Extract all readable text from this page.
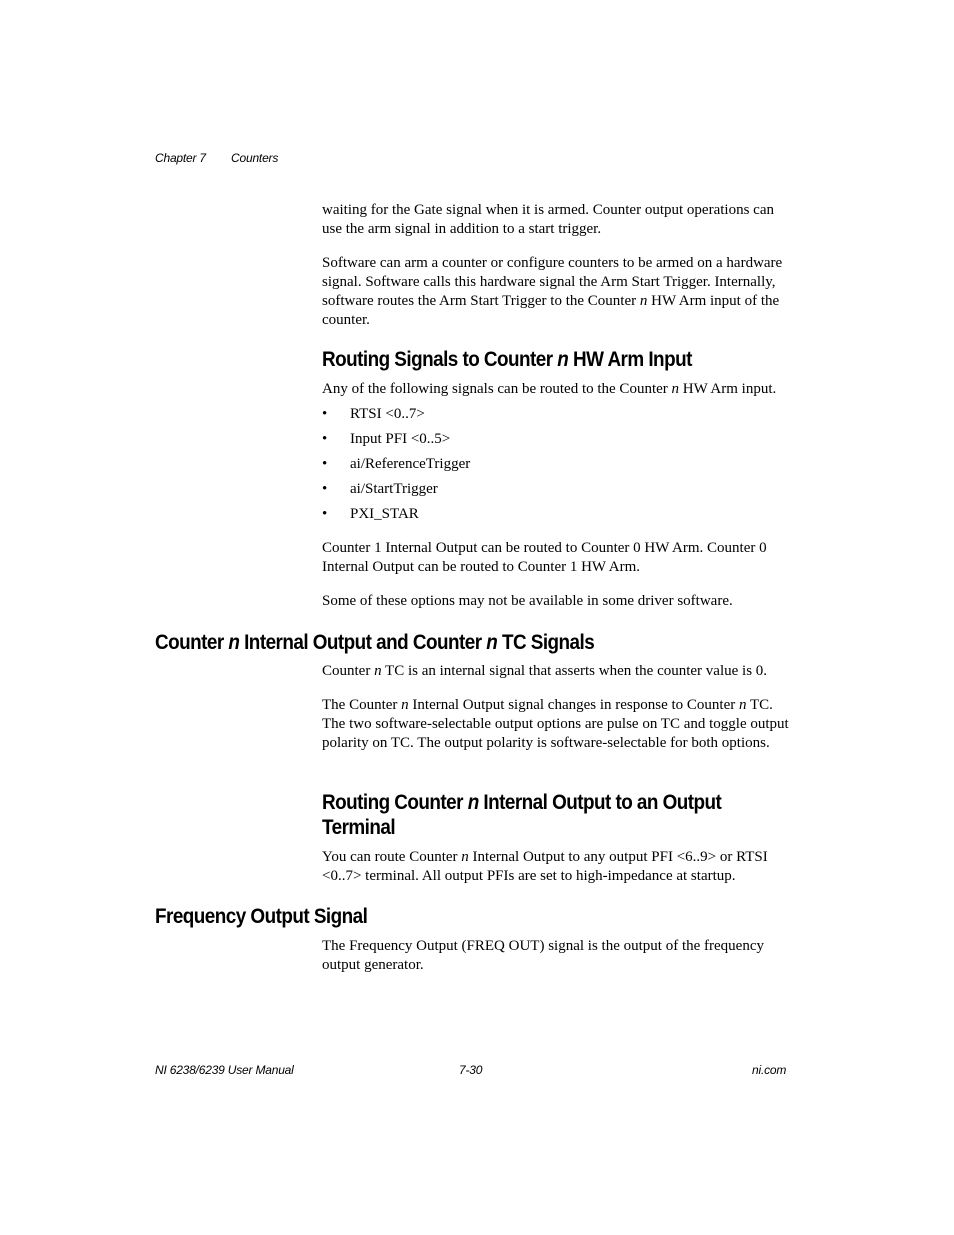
Chapter 7 Counters

waiting for the Gate signal when it is armed. Counter output operations can use the arm signal in addition to a start trigger.

Software can arm a counter or configure counters to be armed on a hardware signal. Software calls this hardware signal the Arm Start Trigger. Internally, software routes the Arm Start Trigger to the Counter n HW Arm input of the counter.

Routing Signals to Counter n HW Arm Input

Any of the following signals can be routed to the Counter n HW Arm input.

• RTSI <0..7>
• Input PFI <0..5>
• ai/ReferenceTrigger
• ai/StartTrigger
• PXI_STAR

Counter 1 Internal Output can be routed to Counter 0 HW Arm. Counter 0 Internal Output can be routed to Counter 1 HW Arm.

Some of these options may not be available in some driver software.

Counter n Internal Output and Counter n TC Signals

Counter n TC is an internal signal that asserts when the counter value is 0.

The Counter n Internal Output signal changes in response to Counter n TC. The two software-selectable output options are pulse on TC and toggle output polarity on TC. The output polarity is software-selectable for both options.

Routing Counter n Internal Output to an Output
Terminal

You can route Counter n Internal Output to any output PFI <6..9> or RTSI <0..7> terminal. All output PFIs are set to high-impedance at startup.

Frequency Output Signal

The Frequency Output (FREQ OUT) signal is the output of the frequency output generator.

NI 6238/6239 User Manual	7-30	ni.com
